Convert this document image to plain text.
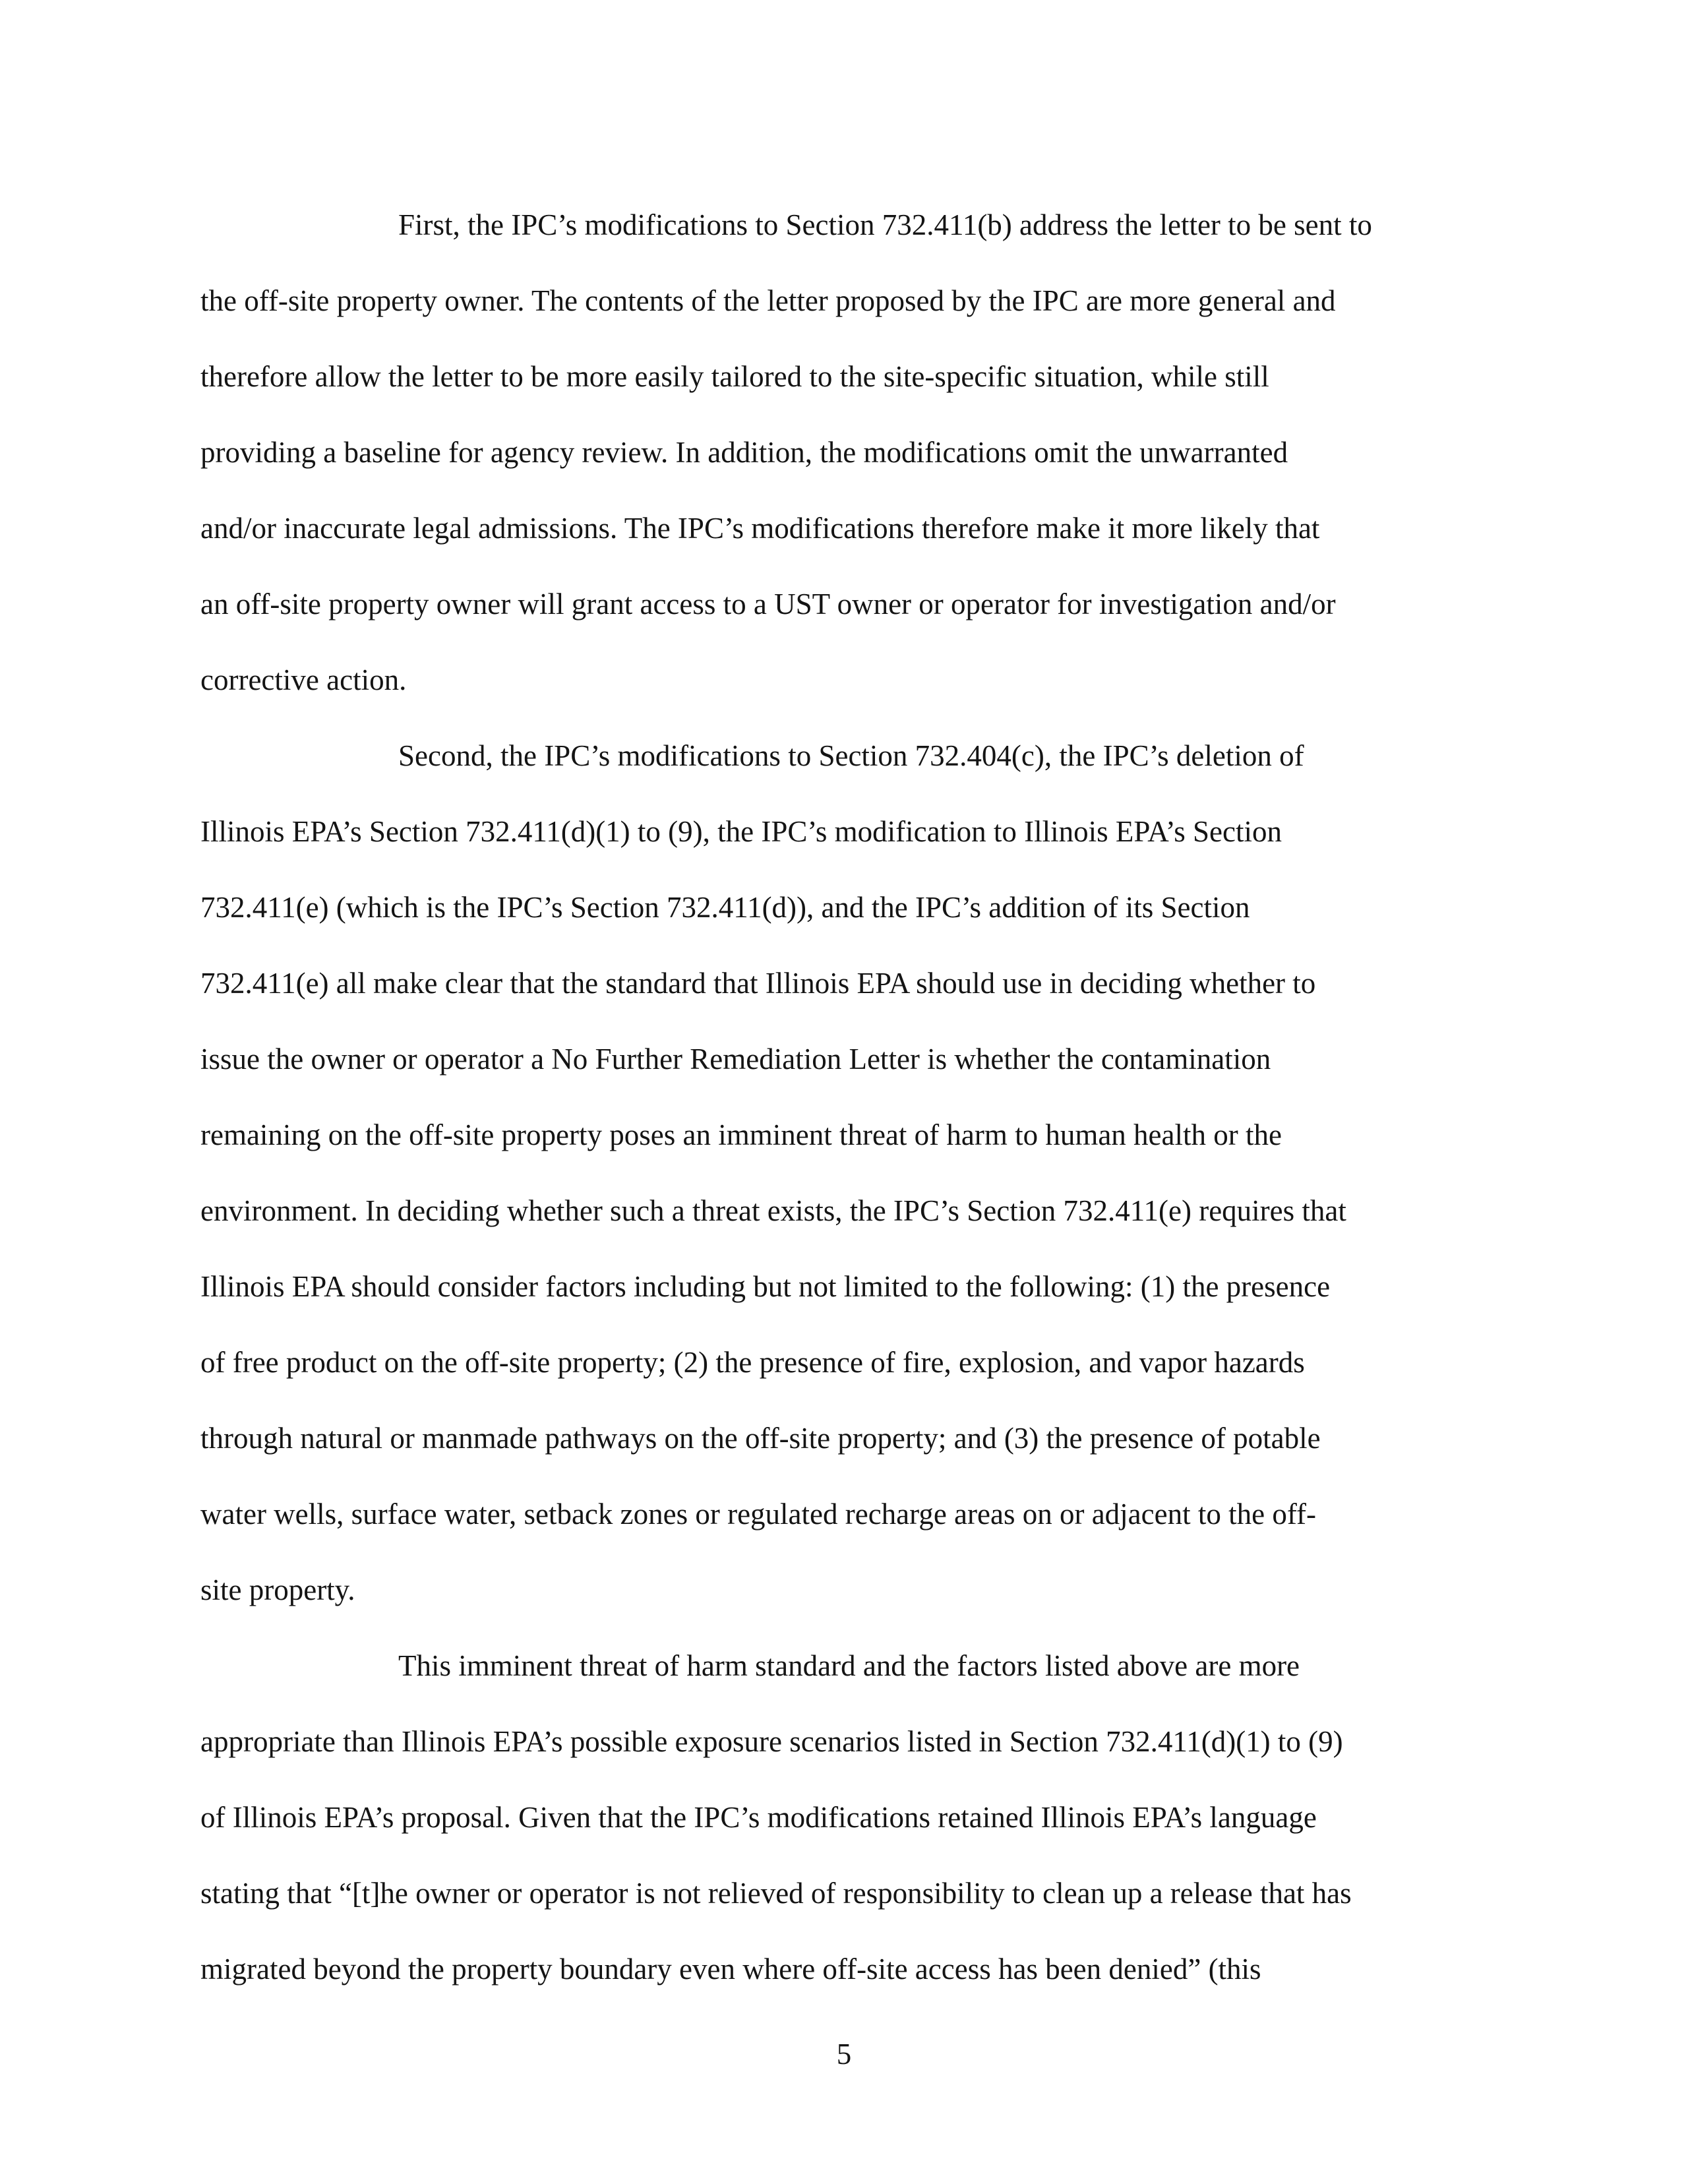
First, the IPC’s modifications to Section 732.411(b) address the letter to be sent to
the off-site property owner. The contents of the letter proposed by the IPC are more general and
therefore allow the letter to be more easily tailored to the site-specific situation, while still
providing a baseline for agency review. In addition, the modifications omit the unwarranted
and/or inaccurate legal admissions. The IPC’s modifications therefore make it more likely that
an off-site property owner will grant access to a UST owner or operator for investigation and/or
corrective action.
Second, the IPC’s modifications to Section 732.404(c), the IPC’s deletion of
Illinois EPA’s Section 732.411(d)(1) to (9), the IPC’s modification to Illinois EPA’s Section
732.411(e) (which is the IPC’s Section 732.411(d)), and the IPC’s addition of its Section
732.411(e) all make clear that the standard that Illinois EPA should use in deciding whether to
issue the owner or operator a No Further Remediation Letter is whether the contamination
remaining on the off-site property poses an imminent threat of harm to human health or the
environment. In deciding whether such a threat exists, the IPC’s Section 732.411(e) requires that
Illinois EPA should consider factors including but not limited to the following: (1) the presence
of free product on the off-site property; (2) the presence of fire, explosion, and vapor hazards
through natural or manmade pathways on the off-site property; and (3) the presence of potable
water wells, surface water, setback zones or regulated recharge areas on or adjacent to the off-
site property.
This imminent threat of harm standard and the factors listed above are more
appropriate than Illinois EPA’s possible exposure scenarios listed in Section 732.411(d)(1) to (9)
of Illinois EPA’s proposal. Given that the IPC’s modifications retained Illinois EPA’s language
stating that “[t]he owner or operator is not relieved of responsibility to clean up a release that has
migrated beyond the property boundary even where off-site access has been denied” (this
5
